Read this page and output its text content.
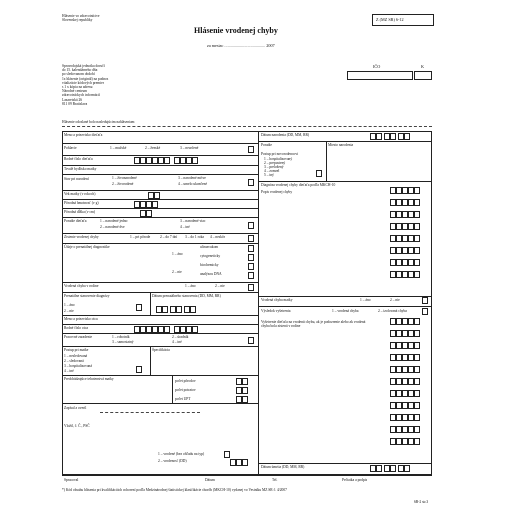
Hlásenie vo zdravotníctve
Slovenskej republiky
Hlásenie vrodenej chyby
za mesiac ....................................... 2007
Z (MZ SR) 6-12
IČO	K
Spravodajská jednotka doručí
do 15. kalendárneho dňa
po sledovanom období
1x hlásenie (originál) na podnos
vitalizácie kódových premier
s 1 x kópia na adresu:
Národné centrum
zdravotníckych informácií
Lazaretská 26
811 09 Bratislava
Hlásenie odoslané bolo nasledujúcim nahláseniam
Meno a priezvisko dieťaťa
Pohlavie	1 – mužské	2 – ženské	3 – neurčené
Rodné číslo dieťaťa
Trvalé bydlisko matky
Stav pri narodení	1 – živonarodené
2 – živorodené
3 – narodené mŕtve
4 – umelo ukončené
Vek matky (v rokoch)
Pôrodná hmotnosť (v g)
Pôrodná dĺžka (v cm)
Poradie dieťaťa	1 – narodené jedno
2 – narodené dve
3 – narodené viac
4 – iné
Zistenie vrodenej chyby	1 – pri pôrode	2 – do 7 dní 3 – do 1 roka 4 – neskôr
Údaje o prenatálnej diagnostike
1 – áno
2 – nie
ultrazvukom
cytogeneticky
biochemicky
analýzou DNA
Vrodená chyba v rodine	1 – áno	2 – nie
Prenatálne stanovenie diagnózy
1 – áno
2 – nie
Dátum prenatálneho stanovenia (DD, MM, RR)
Meno a priezvisko otca
Rodné číslo otca
Pracovné zaradenie	1 – robotník
3 – samostatný
2 – úradník
4 – iné
Postup pri matke
1 – nesledovaná
2 – sledovaná
3 – hospitalizovaná
4 – iné
Špecifikácia
Predchádzajúce tehotenstvá matky	počet pôrodov
počet potratov
počet UPT
Zapísal a overil
Vložil, č. Č., PSČ
1 – vrodené (bez ohľadu na typ)
2 – vrodenosť (DD)
Dátum narodenia (DD, MM, RR)
Poradie	Miesto narodenia
Postup pri novorodencovi
1 – hospitalizovaný
2 – prepustený
3 – preložený
4 – zomrel
5 – iný
Diagnóza vrodenej chyby dieťaťa podľa MKCH-10
Popis vrodenej chyby
Vrodená chyba matky	1 – áno	2 – nie
Výsledok vyšetrenia	1 – vrodená chyba	2 – izolovaná chyba
Vyšetrenie dieťaťa na vrodenú chybu, ak je podozrenie alebo ak vrodená chyba bola zistená v rodine
Dátum úmrtia (DD, MM, RR)
Spracoval	Dátum	Tel.	Pečiatka a podpis
*) Kód obsahu hlásenia pri kvalifikáciách ochorení podľa Medzinárodnej štatistickej klasifikácie chorôb (MKCH-10) vydanej vo Vestníku MZ SR č. 4/2007
6B-2 str.3
